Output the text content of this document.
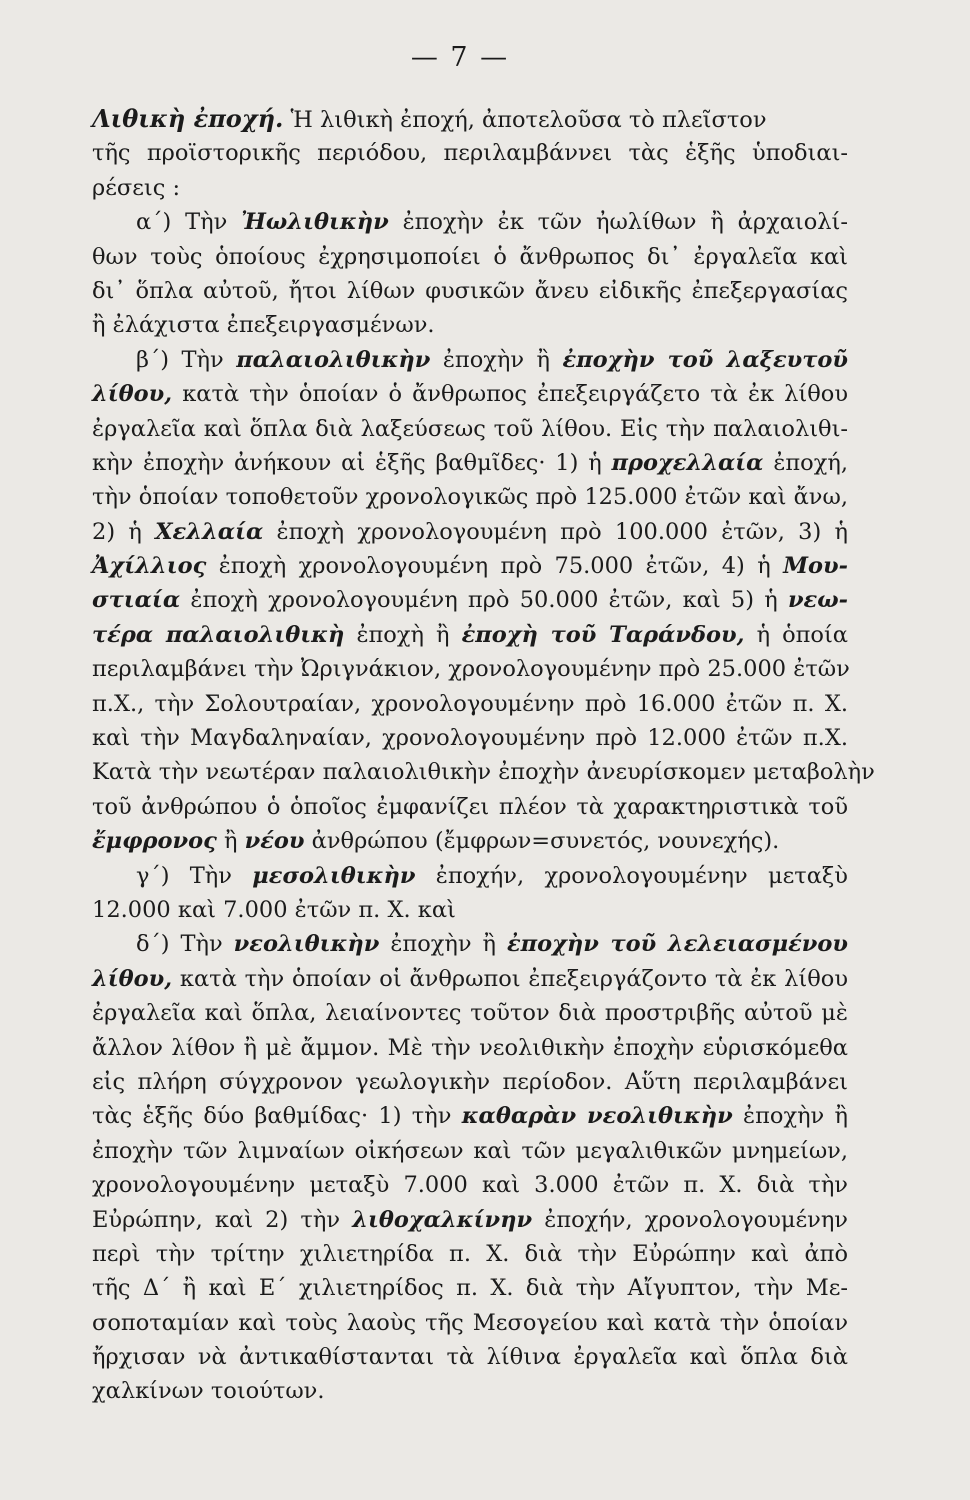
— 7 —
Λιθικὴ ἐποχή. Ἡ λιθικὴ ἐποχή, ἀποτελοῦσα τὸ πλεῖστον
τῆς προϊστορικῆς περιόδου, περιλαμβάννει τὰς ἑξῆς ὑποδιαι-
ρέσεις :
α΄) Τὴν Ἠωλιθικὴν ἐποχὴν ἐκ τῶν ἠωλίθων ἢ ἀρχαιολί-
θων τοὺς ὁποίους ἐχρησιμοποίει ὁ ἄνθρωπος δι᾿ ἐργαλεῖα καὶ
δι᾿ ὅπλα αὐτοῦ, ἤτοι λίθων φυσικῶν ἄνευ εἰδικῆς ἐπεξεργασίας
ἢ ἐλάχιστα ἐπεξειργασμένων.
β΄) Τὴν παλαιολιθικὴν ἐποχὴν ἢ ἐποχὴν τοῦ λαξευτοῦ
λίθου, κατὰ τὴν ὁποίαν ὁ ἄνθρωπος ἐπεξειργάζετο τὰ ἐκ λίθου
ἐργαλεῖα καὶ ὅπλα διὰ λαξεύσεως τοῦ λίθου. Εἰς τὴν παλαιολιθι-
κὴν ἐποχὴν ἀνήκουν αἱ ἑξῆς βαθμῖδες· 1) ἡ προχελλαία ἐποχή,
τὴν ὁποίαν τοποθετοῦν χρονολογικῶς πρὸ 125.000 ἐτῶν καὶ ἄνω,
2) ἡ Χελλαία ἐποχὴ χρονολογουμένη πρὸ 100.000 ἐτῶν, 3) ἡ
Ἀχίλλιος ἐποχὴ χρονολογουμένη πρὸ 75.000 ἐτῶν, 4) ἡ Μου-
στιαία ἐποχὴ χρονολογουμένη πρὸ 50.000 ἐτῶν, καὶ 5) ἡ νεω-
τέρα παλαιολιθικὴ ἐποχὴ ἢ ἐποχὴ τοῦ Ταράνδου, ἡ ὁποία
περιλαμβάνει τὴν Ὠριγνάκιον, χρονολογουμένην πρὸ 25.000 ἐτῶν
π.Χ., τὴν Σολουτραίαν, χρονολογουμένην πρὸ 16.000 ἐτῶν π. Χ.
καὶ τὴν Μαγδαληναίαν, χρονολογουμένην πρὸ 12.000 ἐτῶν π.Χ.
Κατὰ τὴν νεωτέραν παλαιολιθικὴν ἐποχὴν ἀνευρίσκομεν μεταβολὴν
τοῦ ἀνθρώπου ὁ ὁποῖος ἐμφανίζει πλέον τὰ χαρακτηριστικὰ τοῦ
ἔμφρονος ἢ νέου ἀνθρώπου (ἔμφρων=συνετός, νουνεχής).
γ΄) Τὴν μεσολιθικὴν ἐποχήν, χρονολογουμένην μεταξὺ
12.000 καὶ 7.000 ἐτῶν π. Χ. καὶ
δ΄) Τὴν νεολιθικὴν ἐποχὴν ἢ ἐποχὴν τοῦ λελειασμένου
λίθου, κατὰ τὴν ὁποίαν οἱ ἄνθρωποι ἐπεξειργάζοντο τὰ ἐκ λίθου
ἐργαλεῖα καὶ ὅπλα, λειαίνοντες τοῦτον διὰ προστριβῆς αὐτοῦ μὲ
ἄλλον λίθον ἢ μὲ ἄμμον. Μὲ τὴν νεολιθικὴν ἐποχὴν εὑρισκόμεθα
εἰς πλήρη σύγχρονον γεωλογικὴν περίοδον. Αὕτη περιλαμβάνει
τὰς ἑξῆς δύο βαθμίδας· 1) τὴν καθαρὰν νεολιθικὴν ἐποχὴν ἢ
ἐποχὴν τῶν λιμναίων οἰκήσεων καὶ τῶν μεγαλιθικῶν μνημείων,
χρονολογουμένην μεταξὺ 7.000 καὶ 3.000 ἐτῶν π. Χ. διὰ τὴν
Εὐρώπην, καὶ 2) τὴν λιθοχαλκίνην ἐποχήν, χρονολογουμένην
περὶ τὴν τρίτην χιλιετηρίδα π. Χ. διὰ τὴν Εὐρώπην καὶ ἀπὸ
τῆς Δ΄ ἢ καὶ Ε΄ χιλιετηρίδος π. Χ. διὰ τὴν Αἴγυπτον, τὴν Με-
σοποταμίαν καὶ τοὺς λαοὺς τῆς Μεσογείου καὶ κατὰ τὴν ὁποίαν
ἤρχισαν νὰ ἀντικαθίστανται τὰ λίθινα ἐργαλεῖα καὶ ὅπλα διὰ
χαλκίνων τοιούτων.
